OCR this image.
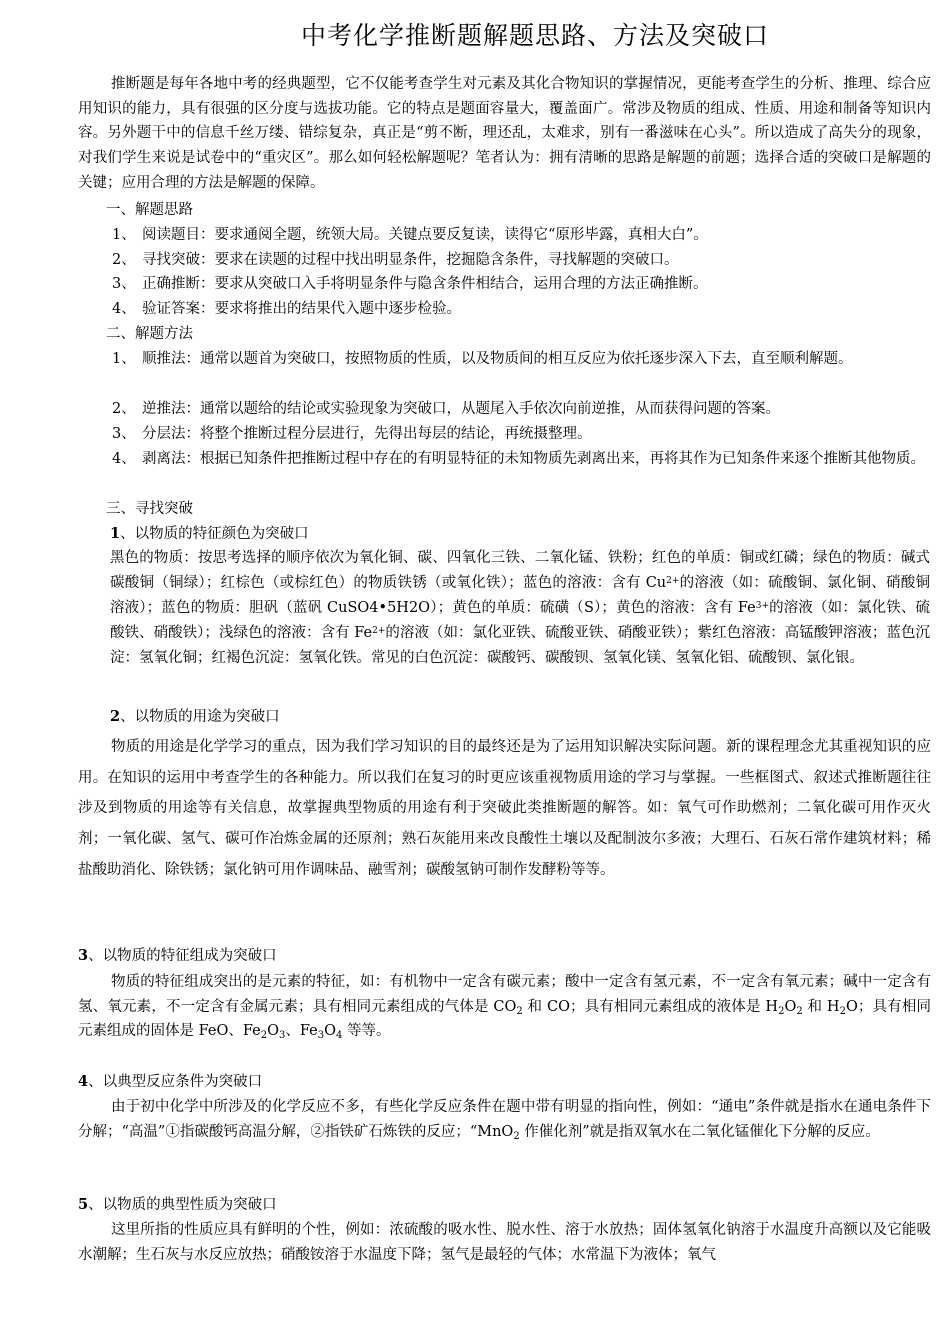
中考化学推断题解题思路、方法及突破口

推断题是每年各地中考的经典题型，它不仅能考查学生对元素及其化合物知识的掌握情况，更能考查学生的分析、推理、综合应用知识的能力，具有很强的区分度与选拔功能。它的特点是题面容量大，覆盖面广。常涉及物质的组成、性质、用途和制备等知识内容。另外题干中的信息千丝万缕、错综复杂，真正是“剪不断，理还乱，太难求，别有一番滋味在心头”。所以造成了高失分的现象，对我们学生来说是试卷中的“重灾区”。那么如何轻松解题呢？笔者认为：拥有清晰的思路是解题的前题；选择合适的突破口是解题的关键；应用合理的方法是解题的保障。

一、解题思路
1、 阅读题目：要求通阅全题，统领大局。关键点要反复读，读得它“原形毕露，真相大白”。
2、 寻找突破：要求在读题的过程中找出明显条件，挖掘隐含条件，寻找解题的突破口。
3、 正确推断：要求从突破口入手将明显条件与隐含条件相结合，运用合理的方法正确推断。
4、 验证答案：要求将推出的结果代入题中逐步检验。
二、解题方法
1、 顺推法：通常以题首为突破口，按照物质的性质，以及物质间的相互反应为依托逐步深入下去，直至顺利解题。
2、 逆推法：通常以题给的结论或实验现象为突破口，从题尾入手依次向前逆推，从而获得问题的答案。
3、 分层法：将整个推断过程分层进行，先得出每层的结论，再统摄整理。
4、 剥离法：根据已知条件把推断过程中存在的有明显特征的未知物质先剥离出来，再将其作为已知条件来逐个推断其他物质。
三、寻找突破
1、以物质的特征颜色为突破口

黑色的物质：按思考选择的顺序依次为氧化铜、碳、四氧化三铁、二氧化锰、铁粉；红色的单质：铜或红磷；绿色的物质：碱式碳酸铜（铜绿）；红棕色（或棕红色）的物质铁锈（或氧化铁）；蓝色的溶液：含有 $Cu^{2+}$的溶液（如：硫酸铜、氯化铜、硝酸铜溶液）；蓝色的物质：胆矾（蓝矾 CuSO4•5H2O）；黄色的单质：硫磺（S）；黄色的溶液：含有 $Fe^{3+}$的溶液（如：氯化铁、硫酸铁、硝酸铁）；浅绿色的溶液：含有 $Fe^{2+}$的溶液（如：氯化亚铁、硫酸亚铁、硝酸亚铁）；紫红色溶液：高锰酸钾溶液；蓝色沉淀：氢氧化铜；红褐色沉淀：氢氧化铁。常见的白色沉淀：碳酸钙、碳酸钡、氢氧化镁、氢氧化铝、硫酸钡、氯化银。

2、以物质的用途为突破口

物质的用途是化学学习的重点，因为我们学习知识的目的最终还是为了运用知识解决实际问题。新的课程理念尤其重视知识的应用。在知识的运用中考查学生的各种能力。所以我们在复习的时更应该重视物质用途的学习与掌握。一些框图式、叙述式推断题往往涉及到物质的用途等有关信息，故掌握典型物质的用途有利于突破此类推断题的解答。如：氧气可作助燃剂；二氧化碳可用作灭火剂；一氧化碳、氢气、碳可作冶炼金属的还原剂；熟石灰能用来改良酸性土壤以及配制波尔多液；大理石、石灰石常作建筑材料；稀盐酸助消化、除铁锈；氯化钠可用作调味品、融雪剂；碳酸氢钠可制作发酵粉等等。

3、以物质的特征组成为突破口

物质的特征组成突出的是元素的特征，如：有机物中一定含有碳元素；酸中一定含有氢元素，不一定含有氧元素；碱中一定含有氢、氧元素，不一定含有金属元素；具有相同元素组成的气体是 $CO_2$ 和 CO；具有相同元素组成的液体是 $H_2O_2$ 和 $H_2O$；具有相同元素组成的固体是 FeO、$Fe_2O_3$、$Fe_3O_4$ 等等。

4、以典型反应条件为突破口

由于初中化学中所涉及的化学反应不多，有些化学反应条件在题中带有明显的指向性，例如：“通电”条件就是指水在通电条件下分解；“高温”①指碳酸钙高温分解，②指铁矿石炼铁的反应；“MnO$_2$ 作催化剂”就是指双氧水在二氧化锰催化下分解的反应。

5、以物质的典型性质为突破口

这里所指的性质应具有鲜明的个性，例如：浓硫酸的吸水性、脱水性、溶于水放热；固体氢氧化钠溶于水温度升高额以及它能吸水潮解；生石灰与水反应放热；硝酸铵溶于水温度下降；氢气是最轻的气体；水常温下为液体；氧气
